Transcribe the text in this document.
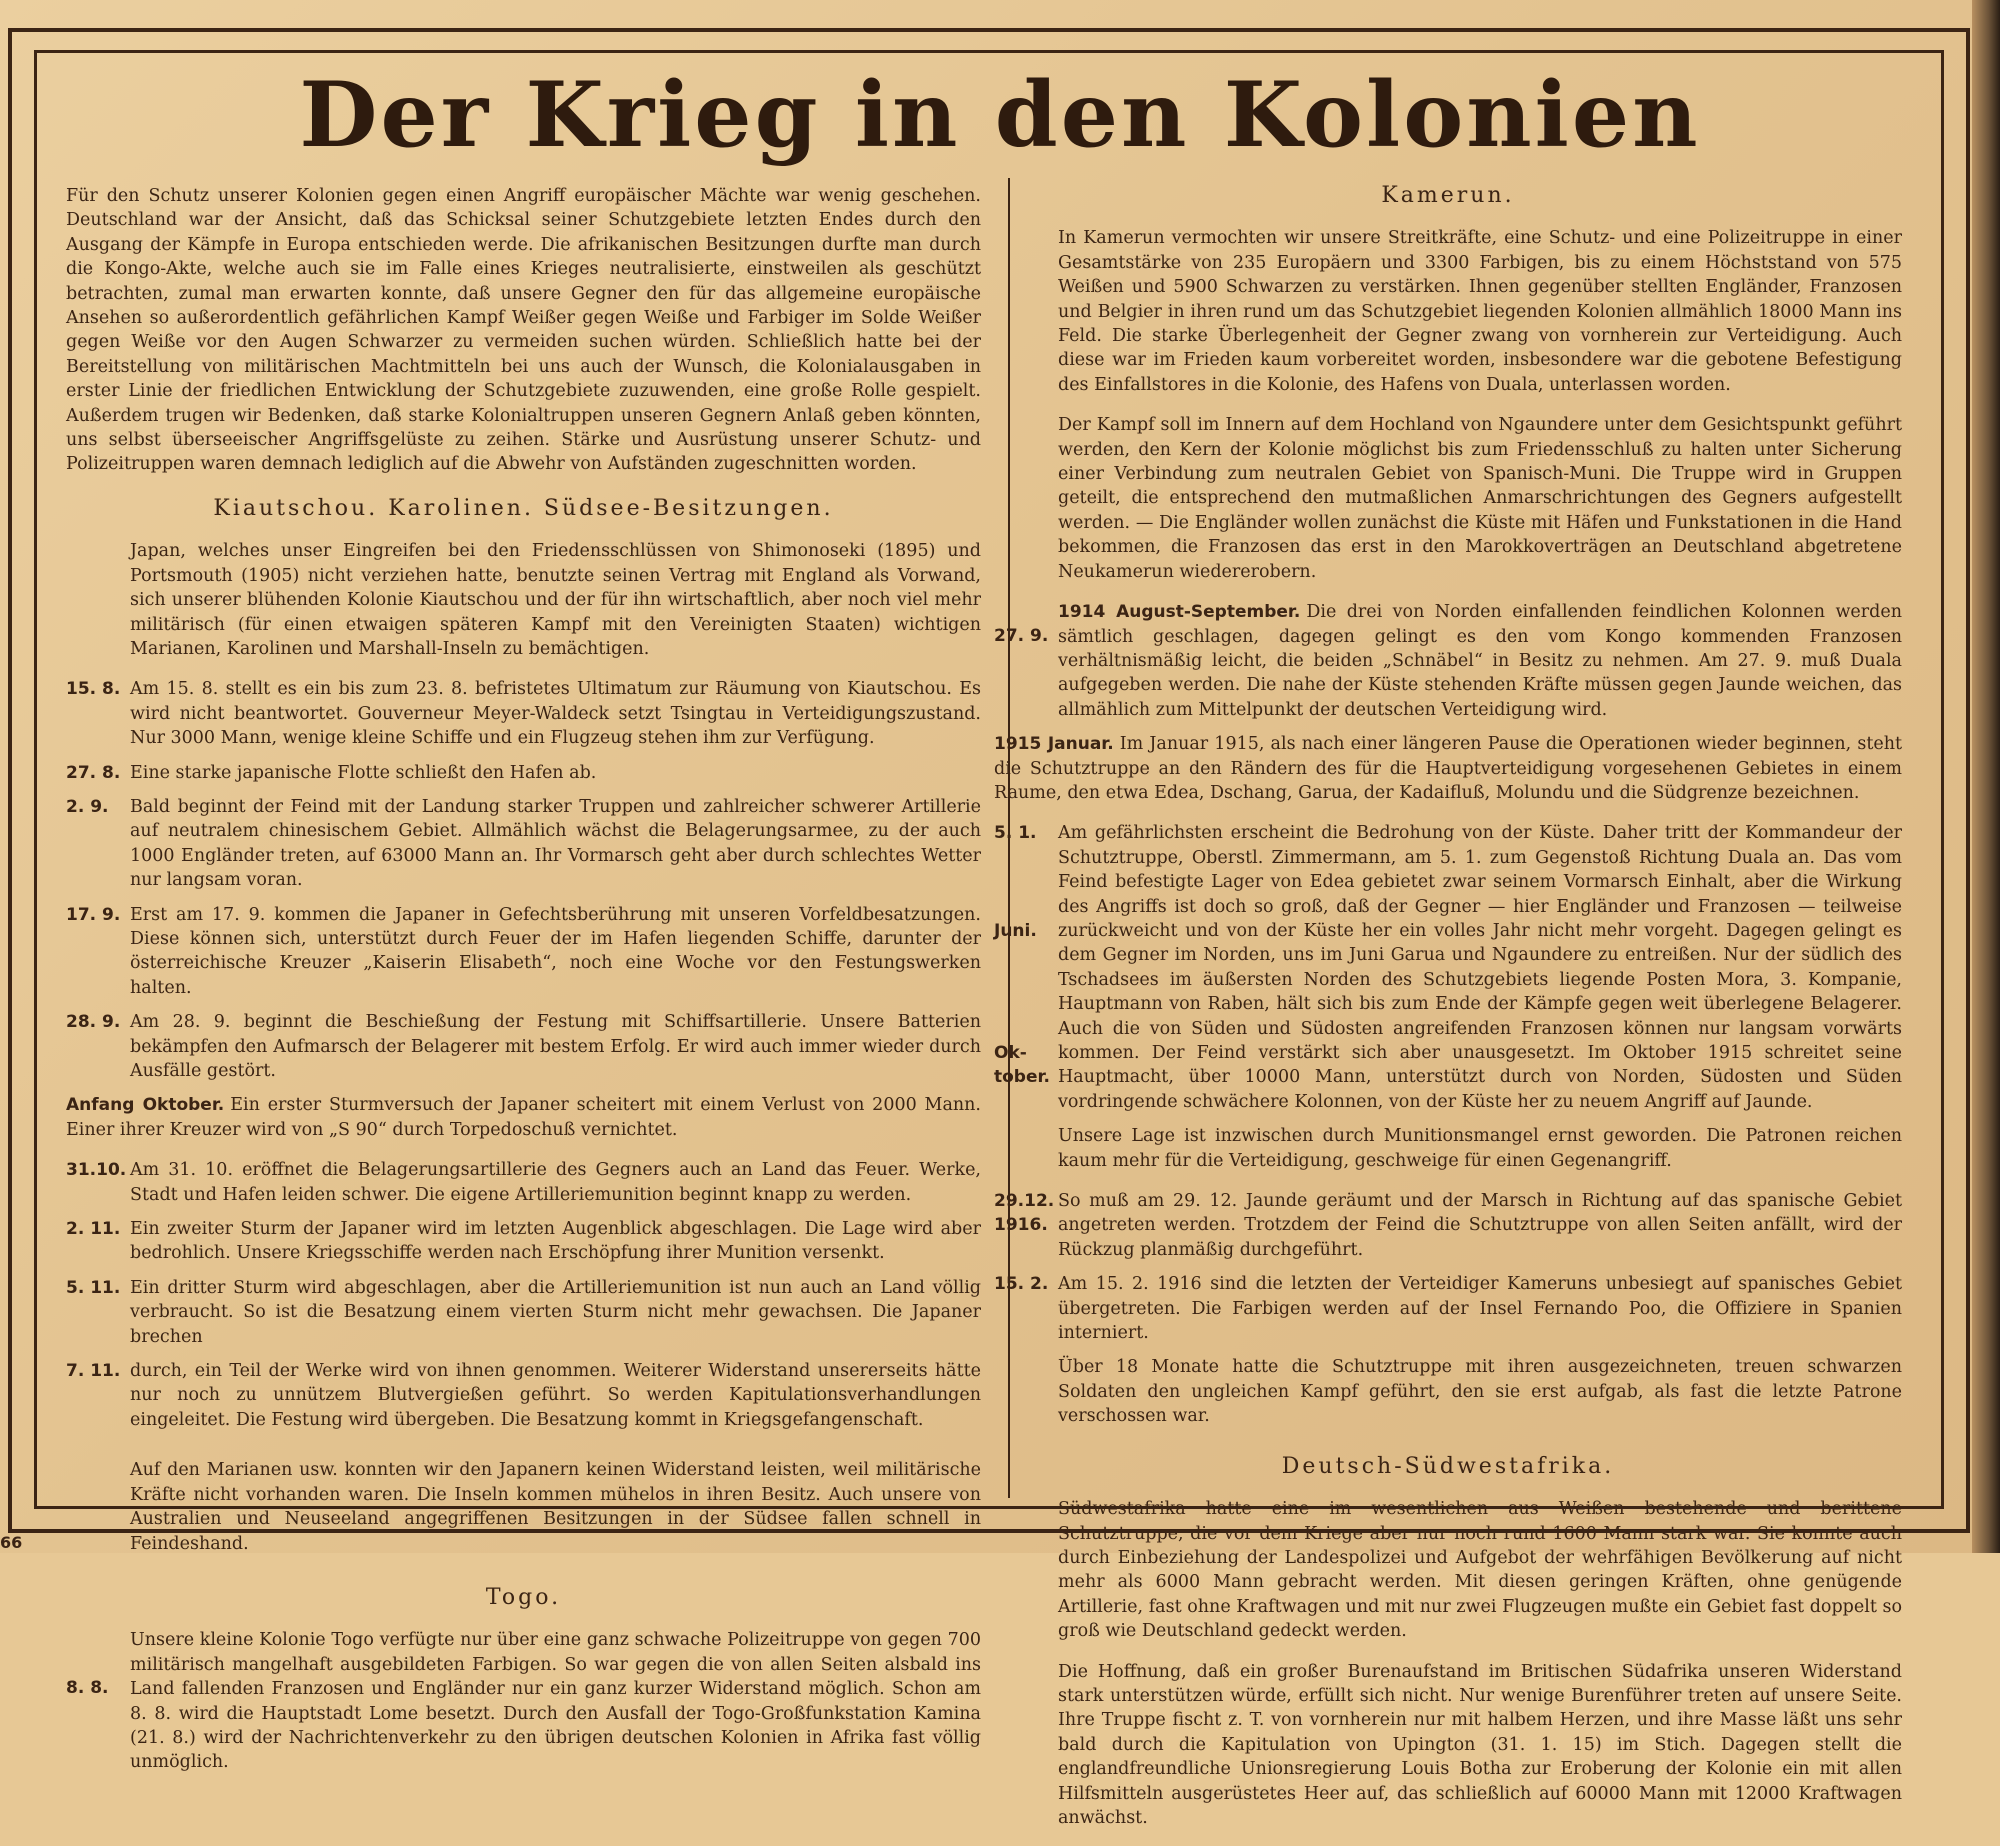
Der Krieg in den Kolonien

Für den Schutz unserer Kolonien gegen einen Angriff europäischer Mächte war wenig geschehen. Deutschland war der Ansicht, daß das Schicksal seiner Schutzgebiete letzten Endes durch den Ausgang der Kämpfe in Europa entschieden werde. Die afrikanischen Besitzungen durfte man durch die Kongo-Akte, welche auch sie im Falle eines Krieges neutralisierte, einstweilen als geschützt betrachten, zumal man erwarten konnte, daß unsere Gegner den für das allgemeine europäische Ansehen so außerordentlich gefährlichen Kampf Weißer gegen Weiße und Farbiger im Solde Weißer gegen Weiße vor den Augen Schwarzer zu vermeiden suchen würden. Schließlich hatte bei der Bereitstellung von militärischen Machtmitteln bei uns auch der Wunsch, die Kolonialausgaben in erster Linie der friedlichen Entwicklung der Schutzgebiete zuzuwenden, eine große Rolle gespielt. Außerdem trugen wir Bedenken, daß starke Kolonialtruppen unseren Gegnern Anlaß geben könnten, uns selbst überseeischer Angriffsgelüste zu zeihen. Stärke und Ausrüstung unserer Schutz- und Polizeitruppen waren demnach lediglich auf die Abwehr von Aufständen zugeschnitten worden.

Kiautschou. Karolinen. Südsee-Besitzungen.

Japan, welches unser Eingreifen bei den Friedensschlüssen von Shimonoseki (1895) und Portsmouth (1905) nicht verziehen hatte, benutzte seinen Vertrag mit England als Vorwand, sich unserer blühenden Kolonie Kiautschou und der für ihn wirtschaftlich, aber noch viel mehr militärisch (für einen etwaigen späteren Kampf mit den Vereinigten Staaten) wichtigen Marianen, Karolinen und Marshall-Inseln zu bemächtigen.

15. 8. Am 15. 8. stellt es ein bis zum 23. 8. befristetes Ultimatum zur Räumung von Kiautschou. Es wird nicht beantwortet. Gouverneur Meyer-Waldeck setzt Tsingtau in Verteidigungszustand. Nur 3000 Mann, wenige kleine Schiffe und ein Flugzeug stehen ihm zur Verfügung.
27. 8. Eine starke japanische Flotte schließt den Hafen ab.
2. 9.	Bald beginnt der Feind mit der Landung starker Truppen und zahlreicher schwerer Artillerie auf neutralem chinesischem Gebiet. Allmählich wächst die Belagerungsarmee, zu der auch 1000 Engländer treten, auf 63000 Mann an. Ihr Vormarsch geht aber durch schlechtes Wetter nur langsam voran.
17. 9. Erst am 17. 9. kommen die Japaner in Gefechtsberührung mit unseren Vorfeldbesatzungen. Diese können sich, unterstützt durch Feuer der im Hafen liegenden Schiffe, darunter der österreichische Kreuzer „Kaiserin Elisabeth“, noch eine Woche vor den Festungswerken halten.
28. 9. Am 28. 9. beginnt die Beschießung der Festung mit Schiffsartillerie. Unsere Batterien bekämpfen den Aufmarsch der Belagerer mit bestem Erfolg. Er wird auch immer wieder durch Ausfälle gestört.

Anfang Oktober. Ein erster Sturmversuch der Japaner scheitert mit einem Verlust von 2000 Mann. Einer ihrer Kreuzer wird von „S 90“ durch Torpedoschuß vernichtet.

31.10. Am 31. 10. eröffnet die Belagerungsartillerie des Gegners auch an Land das Feuer. Werke, Stadt und Hafen leiden schwer. Die eigene Artilleriemunition beginnt knapp zu werden.
2. 11. Ein zweiter Sturm der Japaner wird im letzten Augenblick abgeschlagen. Die Lage wird aber bedrohlich. Unsere Kriegsschiffe werden nach Erschöpfung ihrer Munition versenkt.
5. 11. Ein dritter Sturm wird abgeschlagen, aber die Artilleriemunition ist nun auch an Land völlig verbraucht. So ist die Besatzung einem vierten Sturm nicht mehr gewachsen. Die Japaner brechen
7. 11. durch, ein Teil der Werke wird von ihnen genommen. Weiterer Widerstand unsererseits hätte nur noch zu unnützem Blutvergießen geführt. So werden Kapitulationsverhandlungen eingeleitet. Die Festung wird übergeben. Die Besatzung kommt in Kriegsgefangenschaft.

Auf den Marianen usw. konnten wir den Japanern keinen Widerstand leisten, weil militärische Kräfte nicht vorhanden waren. Die Inseln kommen mühelos in ihren Besitz. Auch unsere von Australien und Neuseeland angegriffenen Besitzungen in der Südsee fallen schnell in Feindeshand.

Togo.
8. 8.
Unsere kleine Kolonie Togo verfügte nur über eine ganz schwache Polizeitruppe von gegen 700 militärisch mangelhaft ausgebildeten Farbigen. So war gegen die von allen Seiten alsbald ins Land fallenden Franzosen und Engländer nur ein ganz kurzer Widerstand möglich. Schon am 8. 8. wird die Hauptstadt Lome besetzt. Durch den Ausfall der Togo-Großfunkstation Kamina (21. 8.) wird der Nachrichtenverkehr zu den übrigen deutschen Kolonien in Afrika fast völlig unmöglich.
Kamerun.

In Kamerun vermochten wir unsere Streitkräfte, eine Schutz- und eine Polizeitruppe in einer Gesamtstärke von 235 Europäern und 3300 Farbigen, bis zu einem Höchststand von 575 Weißen und 5900 Schwarzen zu verstärken. Ihnen gegenüber stellten Engländer, Franzosen und Belgier in ihren rund um das Schutzgebiet liegenden Kolonien allmählich 18000 Mann ins Feld. Die starke Überlegenheit der Gegner zwang von vornherein zur Verteidigung. Auch diese war im Frieden kaum vorbereitet worden, insbesondere war die gebotene Befestigung des Einfallstores in die Kolonie, des Hafens von Duala, unterlassen worden.

Der Kampf soll im Innern auf dem Hochland von Ngaundere unter dem Gesichtspunkt geführt werden, den Kern der Kolonie möglichst bis zum Friedensschluß zu halten unter Sicherung einer Verbindung zum neutralen Gebiet von Spanisch-Muni. Die Truppe wird in Gruppen geteilt, die entsprechend den mutmaßlichen Anmarschrichtungen des Gegners aufgestellt werden. — Die Engländer wollen zunächst die Küste mit Häfen und Funkstationen in die Hand bekommen, die Franzosen das erst in den Marokkoverträgen an Deutschland abgetretene Neukamerun wiedererobern.

27. 9.
1914 August-September. Die drei von Norden einfallenden feindlichen Kolonnen werden sämtlich geschlagen, dagegen gelingt es den vom Kongo kommenden Franzosen verhältnismäßig leicht, die beiden „Schnäbel“ in Besitz zu nehmen. Am 27. 9. muß Duala aufgegeben werden. Die nahe der Küste stehenden Kräfte müssen gegen Jaunde weichen, das allmählich zum Mittelpunkt der deutschen Verteidigung wird.

1915 Januar. Im Januar 1915, als nach einer längeren Pause die Operationen wieder beginnen, steht die Schutztruppe an den Rändern des für die Hauptverteidigung vorgesehenen Gebietes in einem Raume, den etwa Edea, Dschang, Garua, der Kadaifluß, Molundu und die Südgrenze bezeichnen.

5. 1.

Juni.

Ok-tober.
Am gefährlichsten erscheint die Bedrohung von der Küste. Daher tritt der Kommandeur der Schutztruppe, Oberstl. Zimmermann, am 5. 1. zum Gegenstoß Richtung Duala an. Das vom Feind befestigte Lager von Edea gebietet zwar seinem Vormarsch Einhalt, aber die Wirkung des Angriffs ist doch so groß, daß der Gegner — hier Engländer und Franzosen — teilweise zurückweicht und von der Küste her ein volles Jahr nicht mehr vorgeht. Dagegen gelingt es dem Gegner im Norden, uns im Juni Garua und Ngaundere zu entreißen. Nur der südlich des Tschadsees im äußersten Norden des Schutzgebiets liegende Posten Mora, 3. Kompanie, Hauptmann von Raben, hält sich bis zum Ende der Kämpfe gegen weit überlegene Belagerer. Auch die von Süden und Südosten angreifenden Franzosen können nur langsam vorwärts kommen. Der Feind verstärkt sich aber unausgesetzt. Im Oktober 1915 schreitet seine Hauptmacht, über 10000 Mann, unterstützt durch von Norden, Südosten und Süden vordringende schwächere Kolonnen, von der Küste her zu neuem Angriff auf Jaunde.

Unsere Lage ist inzwischen durch Munitionsmangel ernst geworden. Die Patronen reichen kaum mehr für die Verteidigung, geschweige für einen Gegenangriff.

29.12.
1916.
So muß am 29. 12. Jaunde geräumt und der Marsch in Richtung auf das spanische Gebiet angetreten werden. Trotzdem der Feind die Schutztruppe von allen Seiten anfällt, wird der Rückzug planmäßig durchgeführt.
15. 2. Am 15. 2. 1916 sind die letzten der Verteidiger Kameruns unbesiegt auf spanisches Gebiet übergetreten. Die Farbigen werden auf der Insel Fernando Poo, die Offiziere in Spanien interniert.

Über 18 Monate hatte die Schutztruppe mit ihren ausgezeichneten, treuen schwarzen Soldaten den ungleichen Kampf geführt, den sie erst aufgab, als fast die letzte Patrone verschossen war.

Deutsch-Südwestafrika.

Südwestafrika hatte eine im wesentlichen aus Weißen bestehende und berittene Schutztruppe, die vor dem Kriege aber nur noch rund 1600 Mann stark war. Sie konnte auch durch Einbeziehung der Landespolizei und Aufgebot der wehrfähigen Bevölkerung auf nicht mehr als 6000 Mann gebracht werden. Mit diesen geringen Kräften, ohne genügende Artillerie, fast ohne Kraftwagen und mit nur zwei Flugzeugen mußte ein Gebiet fast doppelt so groß wie Deutschland gedeckt werden.

Die Hoffnung, daß ein großer Burenaufstand im Britischen Südafrika unseren Widerstand stark unterstützen würde, erfüllt sich nicht. Nur wenige Burenführer treten auf unsere Seite. Ihre Truppe fischt z. T. von vornherein nur mit halbem Herzen, und ihre Masse läßt uns sehr bald durch die Kapitulation von Upington (31. 1. 15) im Stich. Dagegen stellt die englandfreundliche Unionsregierung Louis Botha zur Eroberung der Kolonie ein mit allen Hilfsmitteln ausgerüstetes Heer auf, das schließlich auf 60000 Mann mit 12000 Kraftwagen anwächst.

66
